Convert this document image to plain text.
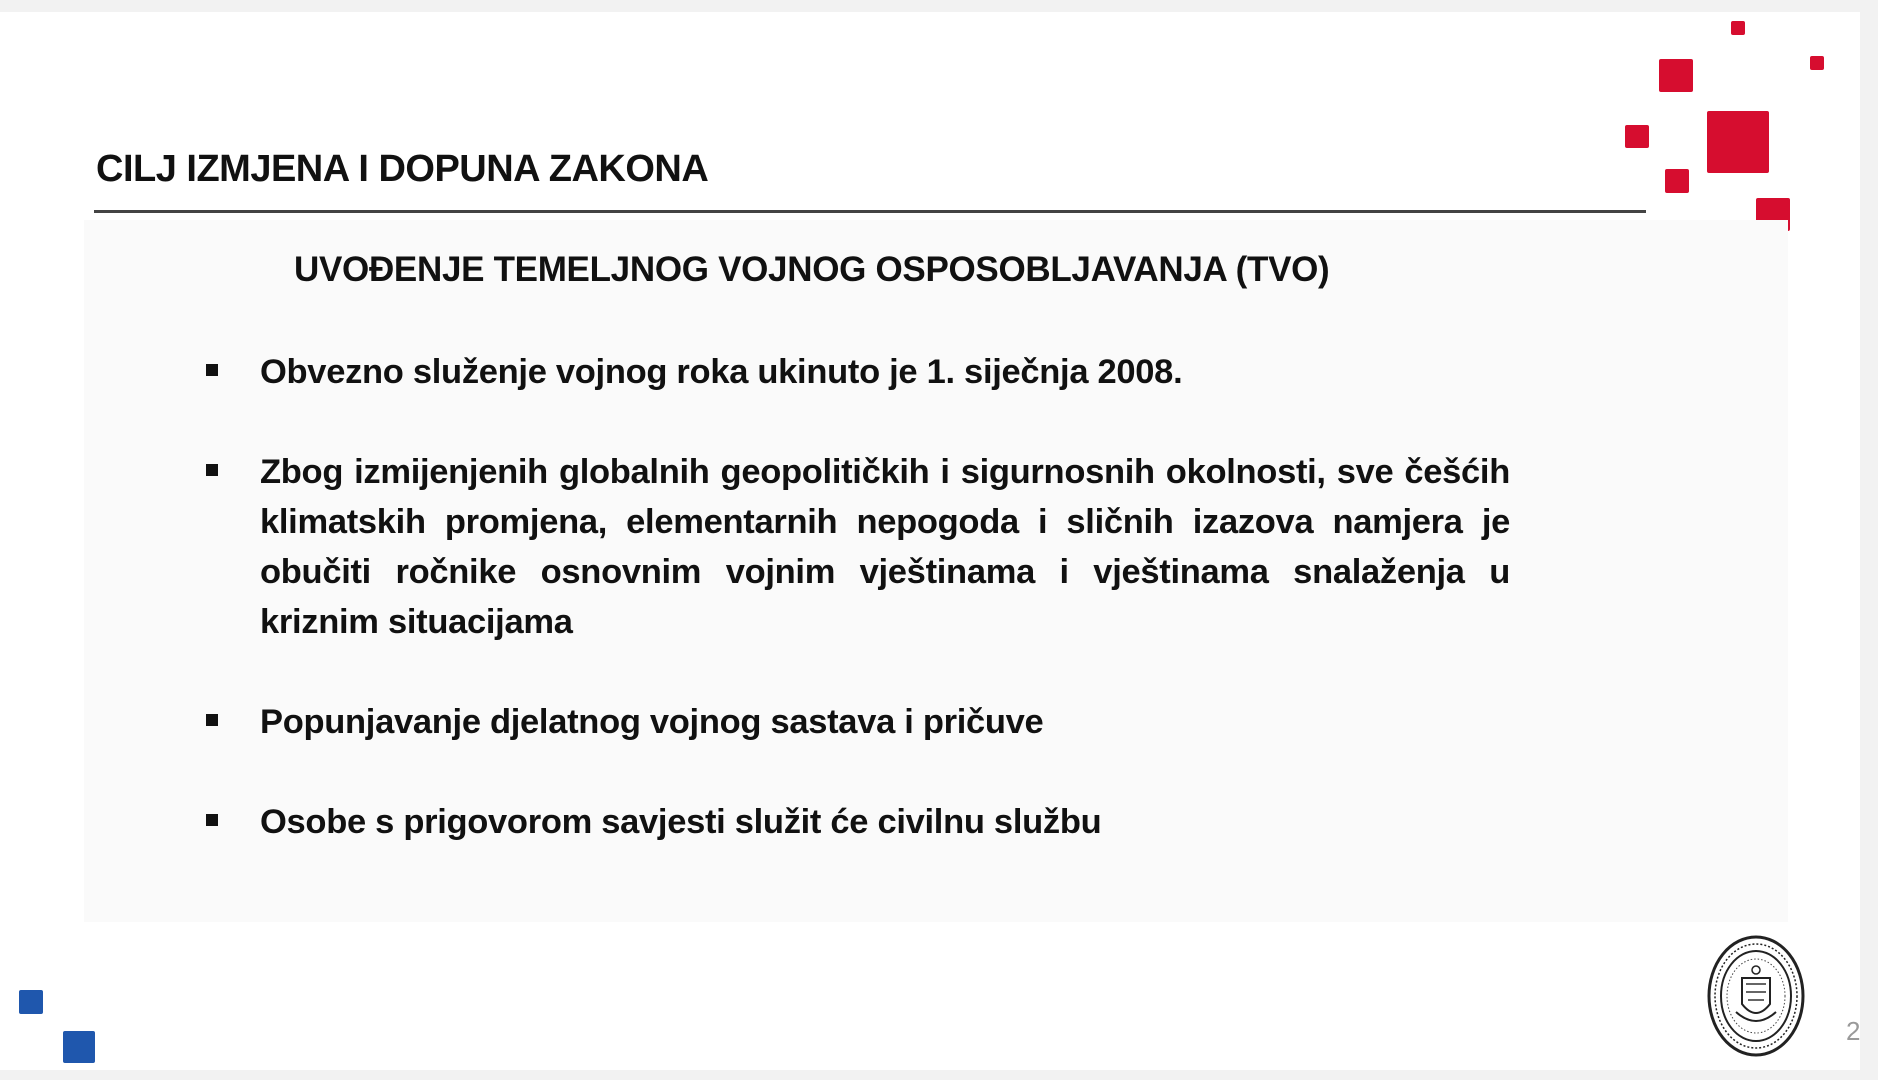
CILJ IZMJENA I DOPUNA ZAKONA
UVOĐENJE TEMELJNOG VOJNOG OSPOSOBLJAVANJA (TVO)
Obvezno služenje vojnog roka ukinuto je 1. siječnja 2008.
Zbog izmijenjenih globalnih geopolitičkih i sigurnosnih okolnosti, sve češćih klimatskih promjena, elementarnih nepogoda i sličnih izazova namjera je obučiti ročnike osnovnim vojnim vještinama i vještinama snalaženja u kriznim situacijama
Popunjavanje djelatnog vojnog sastava i pričuve
Osobe s prigovorom savjesti služit će civilnu službu
2
